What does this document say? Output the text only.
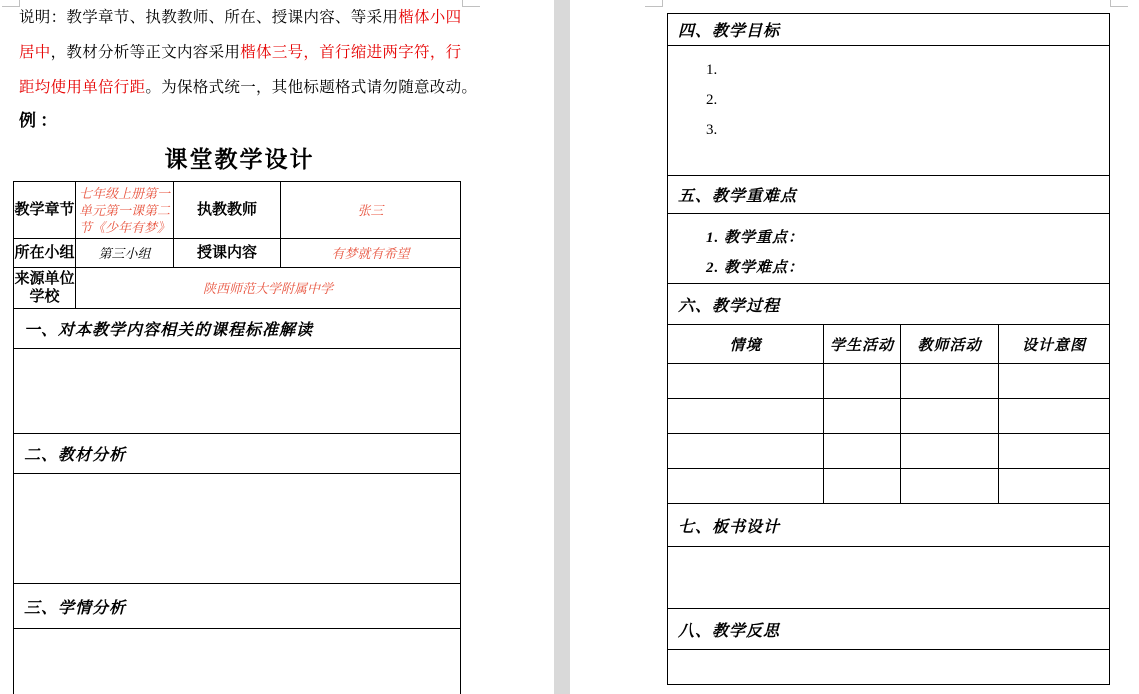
说明：教学章节、执教教师、所在、授课内容、等采用楷体小四
居中，教材分析等正文内容采用楷体三号，首行缩进两字符，行
距均使用单倍行距。为保格式统一，其他标题格式请勿随意改动。

例 ：
课堂教学设计
教学章节	七年级上册第一单元第一课第二节《少年有梦》	执教教师	张三
所在小组	第三小组	授课内容	有梦就有希望
来源单位学校	陕西师范大学附属中学		
一、对本教学内容相关的课程标准解读			

二、教材分析			

三、学情分析			

四、教学目标			

1.
2.
3.			

五、教学重难点			

1. 教学重点：
2. 教学难点：			

六、教学过程			
情境	学生活动	教师活动	设计意图

七、板书设计			

八、教学反思			
